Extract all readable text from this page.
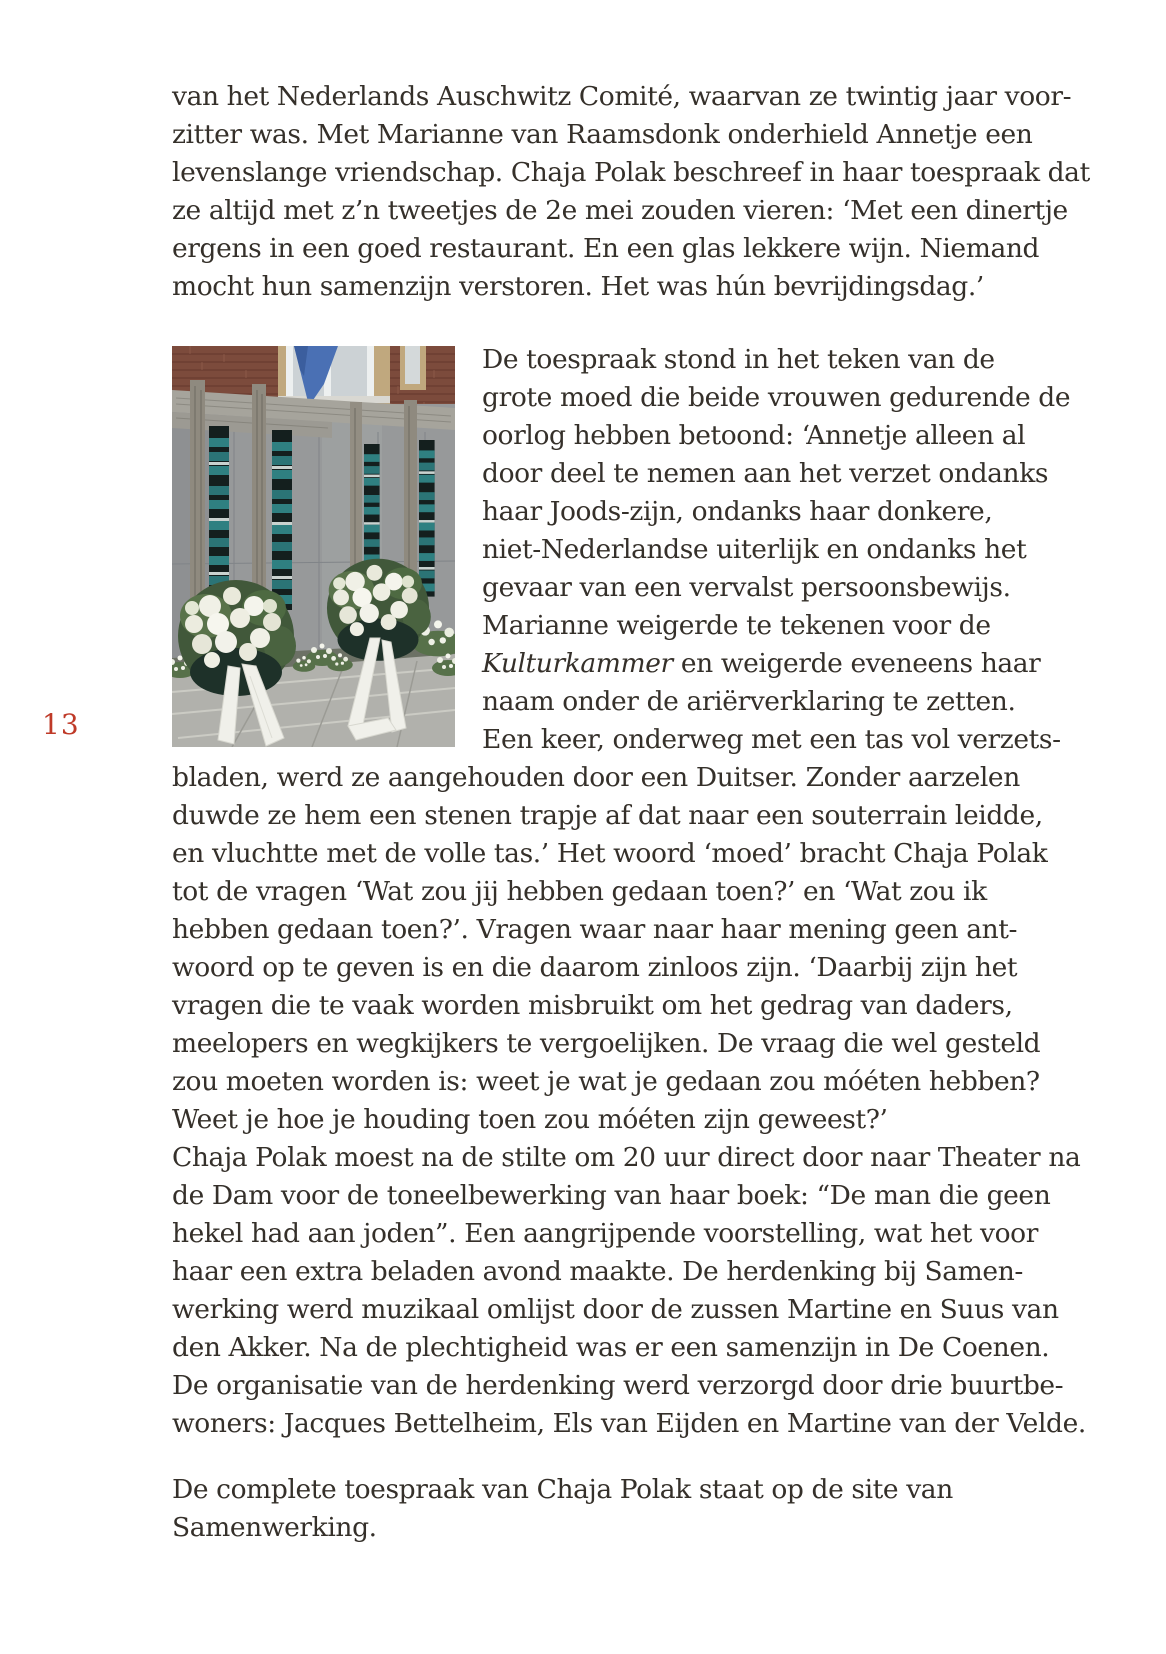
13
van het Nederlands Auschwitz Comité, waarvan ze twintig jaar voor-
zitter was. Met Marianne van Raamsdonk onderhield Annetje een
levenslange vriendschap. Chaja Polak beschreef in haar toespraak dat
ze altijd met z’n tweetjes de 2e mei zouden vieren: ‘Met een dinertje
ergens in een goed restaurant. En een glas lekkere wijn. Niemand
mocht hun samenzijn verstoren. Het was hún bevrijdingsdag.’
De toespraak stond in het teken van de
grote moed die beide vrouwen gedurende de
oorlog hebben betoond: ‘Annetje alleen al
door deel te nemen aan het verzet ondanks
haar Joods-zijn, ondanks haar donkere,
niet-Nederlandse uiterlijk en ondanks het
gevaar van een vervalst persoonsbewijs.
Marianne weigerde te tekenen voor de
Kulturkammer en weigerde eveneens haar
naam onder de ariërverklaring te zetten.
Een keer, onderweg met een tas vol verzets-
bladen, werd ze aangehouden door een Duitser. Zonder aarzelen
duwde ze hem een stenen trapje af dat naar een souterrain leidde,
en vluchtte met de volle tas.’ Het woord ‘moed’ bracht Chaja Polak
tot de vragen ‘Wat zou jij hebben gedaan toen?’ en ‘Wat zou ik
hebben gedaan toen?’. Vragen waar naar haar mening geen ant-
woord op te geven is en die daarom zinloos zijn. ‘Daarbij zijn het
vragen die te vaak worden misbruikt om het gedrag van daders,
meelopers en wegkijkers te vergoelijken. De vraag die wel gesteld
zou moeten worden is: weet je wat je gedaan zou móéten hebben?
Weet je hoe je houding toen zou móéten zijn geweest?’
Chaja Polak moest na de stilte om 20 uur direct door naar Theater na
de Dam voor de toneelbewerking van haar boek: “De man die geen
hekel had aan joden”. Een aangrijpende voorstelling, wat het voor
haar een extra beladen avond maakte. De herdenking bij Samen-
werking werd muzikaal omlijst door de zussen Martine en Suus van
den Akker. Na de plechtigheid was er een samenzijn in De Coenen.
De organisatie van de herdenking werd verzorgd door drie buurtbe-
woners: Jacques Bettelheim, Els van Eijden en Martine van der Velde.
De complete toespraak van Chaja Polak staat op de site van
Samenwerking.
